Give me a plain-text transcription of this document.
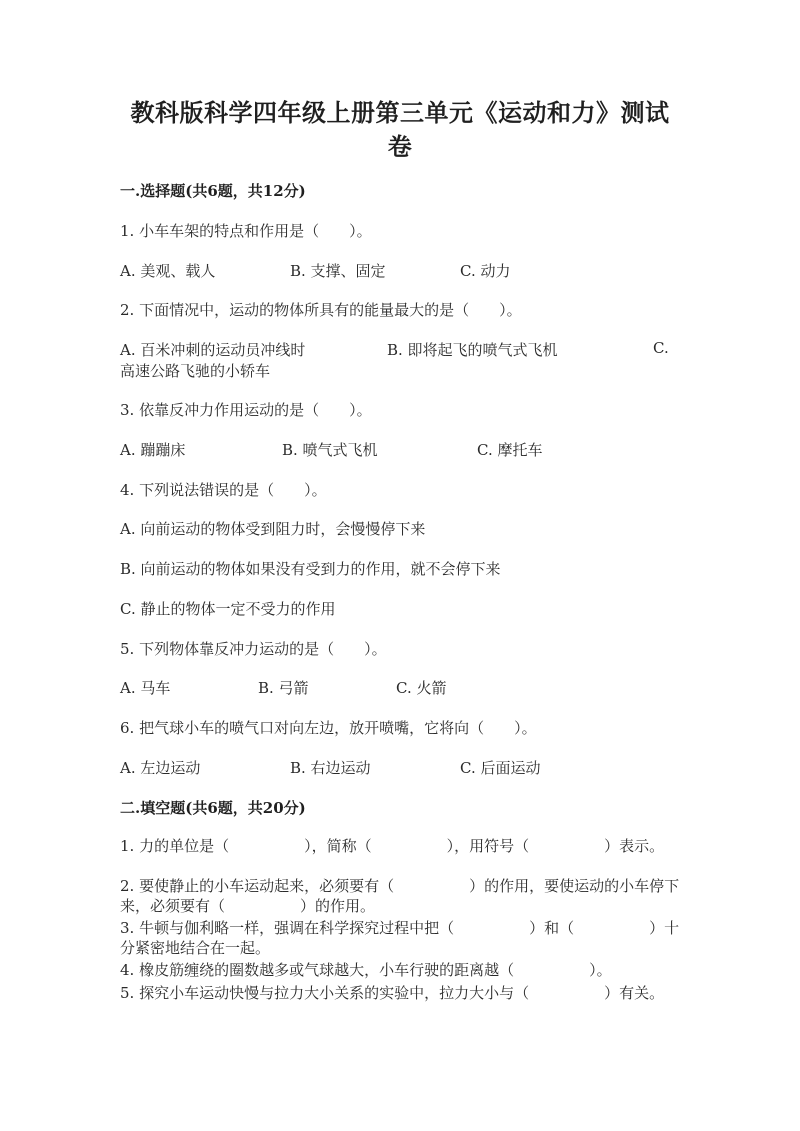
教科版科学四年级上册第三单元《运动和力》测试
卷
一.选择题(共6题，共12分)
1. 小车车架的特点和作用是（　　）。
A. 美观、载人	B. 支撑、固定	C. 动力
2. 下面情况中，运动的物体所具有的能量最大的是（　　）。
A. 百米冲刺的运动员冲线时	B. 即将起飞的喷气式飞机	C.
高速公路飞驰的小轿车
3. 依靠反冲力作用运动的是（　　）。
A. 蹦蹦床	B. 喷气式飞机	C. 摩托车
4. 下列说法错误的是（　　）。
A. 向前运动的物体受到阻力时，会慢慢停下来
B. 向前运动的物体如果没有受到力的作用，就不会停下来
C. 静止的物体一定不受力的作用
5. 下列物体靠反冲力运动的是（　　）。
A. 马车	B. 弓箭	C. 火箭
6. 把气球小车的喷气口对向左边，放开喷嘴，它将向（　　）。
A. 左边运动	B. 右边运动	C. 后面运动
二.填空题(共6题，共20分)
1. 力的单位是（　　　　　），简称（　　　　　），用符号（　　　　　）表示。
2. 要使静止的小车运动起来，必须要有（　　　　　）的作用，要使运动的小车停下来，必须要有（　　　　　）的作用。
3. 牛顿与伽利略一样，强调在科学探究过程中把（　　　　　）和（　　　　　）十分紧密地结合在一起。
4. 橡皮筋缠绕的圈数越多或气球越大，小车行驶的距离越（　　　　　）。
5. 探究小车运动快慢与拉力大小关系的实验中，拉力大小与（　　　　　）有关。
